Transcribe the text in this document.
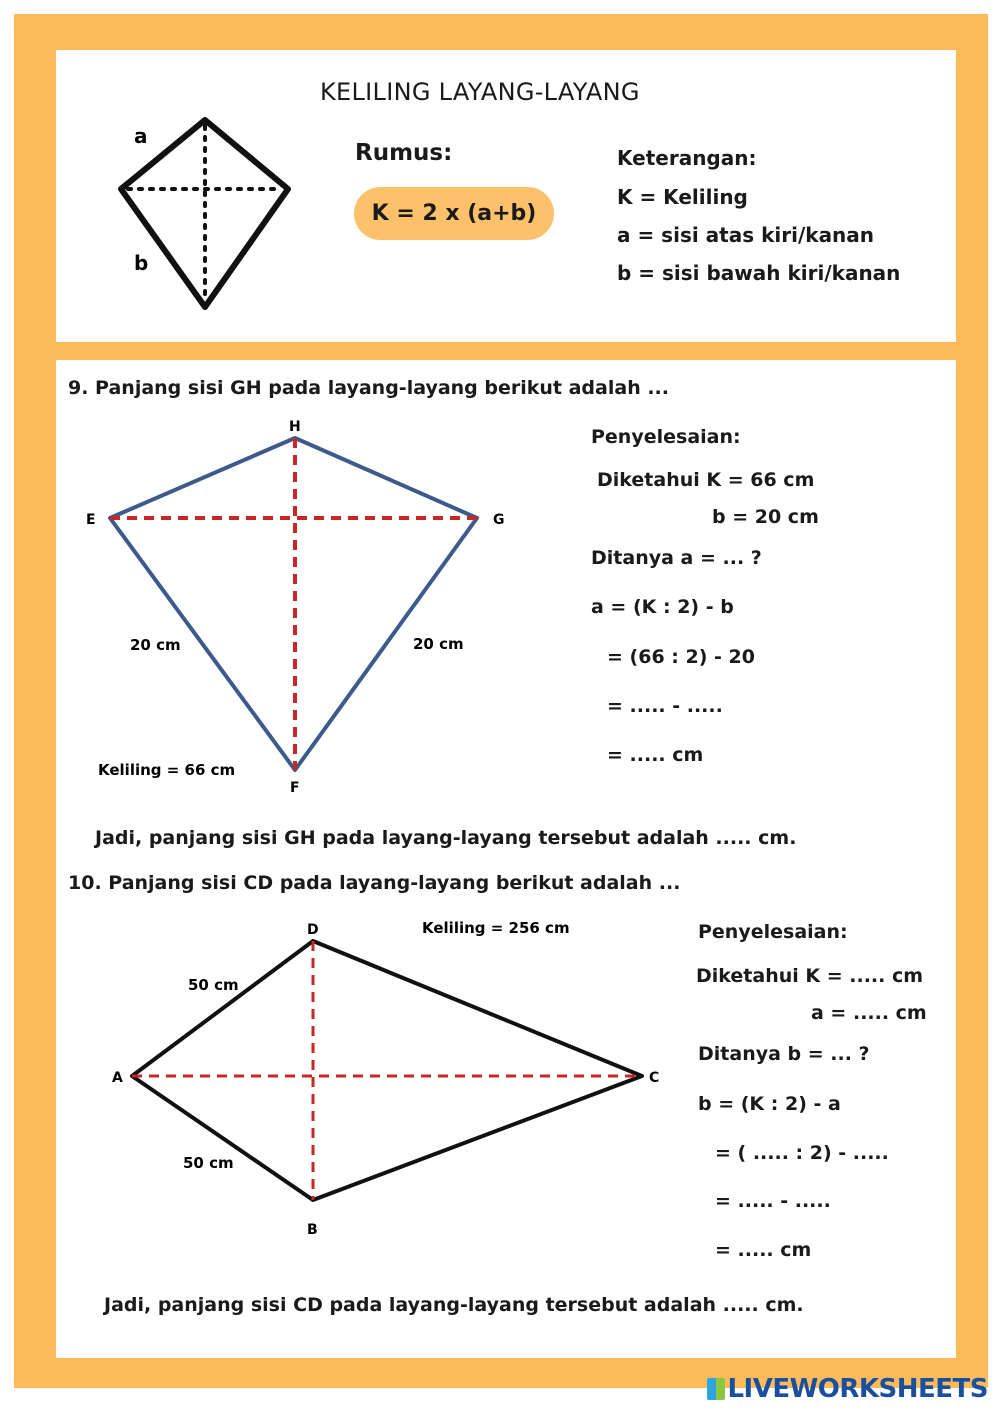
KELILING LAYANG-LAYANG
a
b
Rumus:
K = 2 x (a+b)
Keterangan:
K = Keliling
a = sisi atas kiri/kanan
b = sisi bawah kiri/kanan
9. Panjang sisi GH pada layang-layang berikut adalah ...
H
E	G
F
20 cm	20 cm
Keliling = 66 cm
Penyelesaian:
Diketahui K = 66 cm
b = 20 cm
Ditanya a = ... ?
a = (K : 2) - b
= (66 : 2) - 20
= ..... - .....
= ..... cm
Jadi, panjang sisi GH pada layang-layang tersebut adalah ..... cm.
10. Panjang sisi CD pada layang-layang berikut adalah ...
D
A	C
B
50 cm
50 cm
Keliling = 256 cm	Penyelesaian:
Diketahui K = ..... cm
a = ..... cm
Ditanya b = ... ?
b = (K : 2) - a
= ( ..... : 2) - .....
= ..... - .....
= ..... cm
Jadi, panjang sisi CD pada layang-layang tersebut adalah ..... cm.
LIVEWORKSHEETS
